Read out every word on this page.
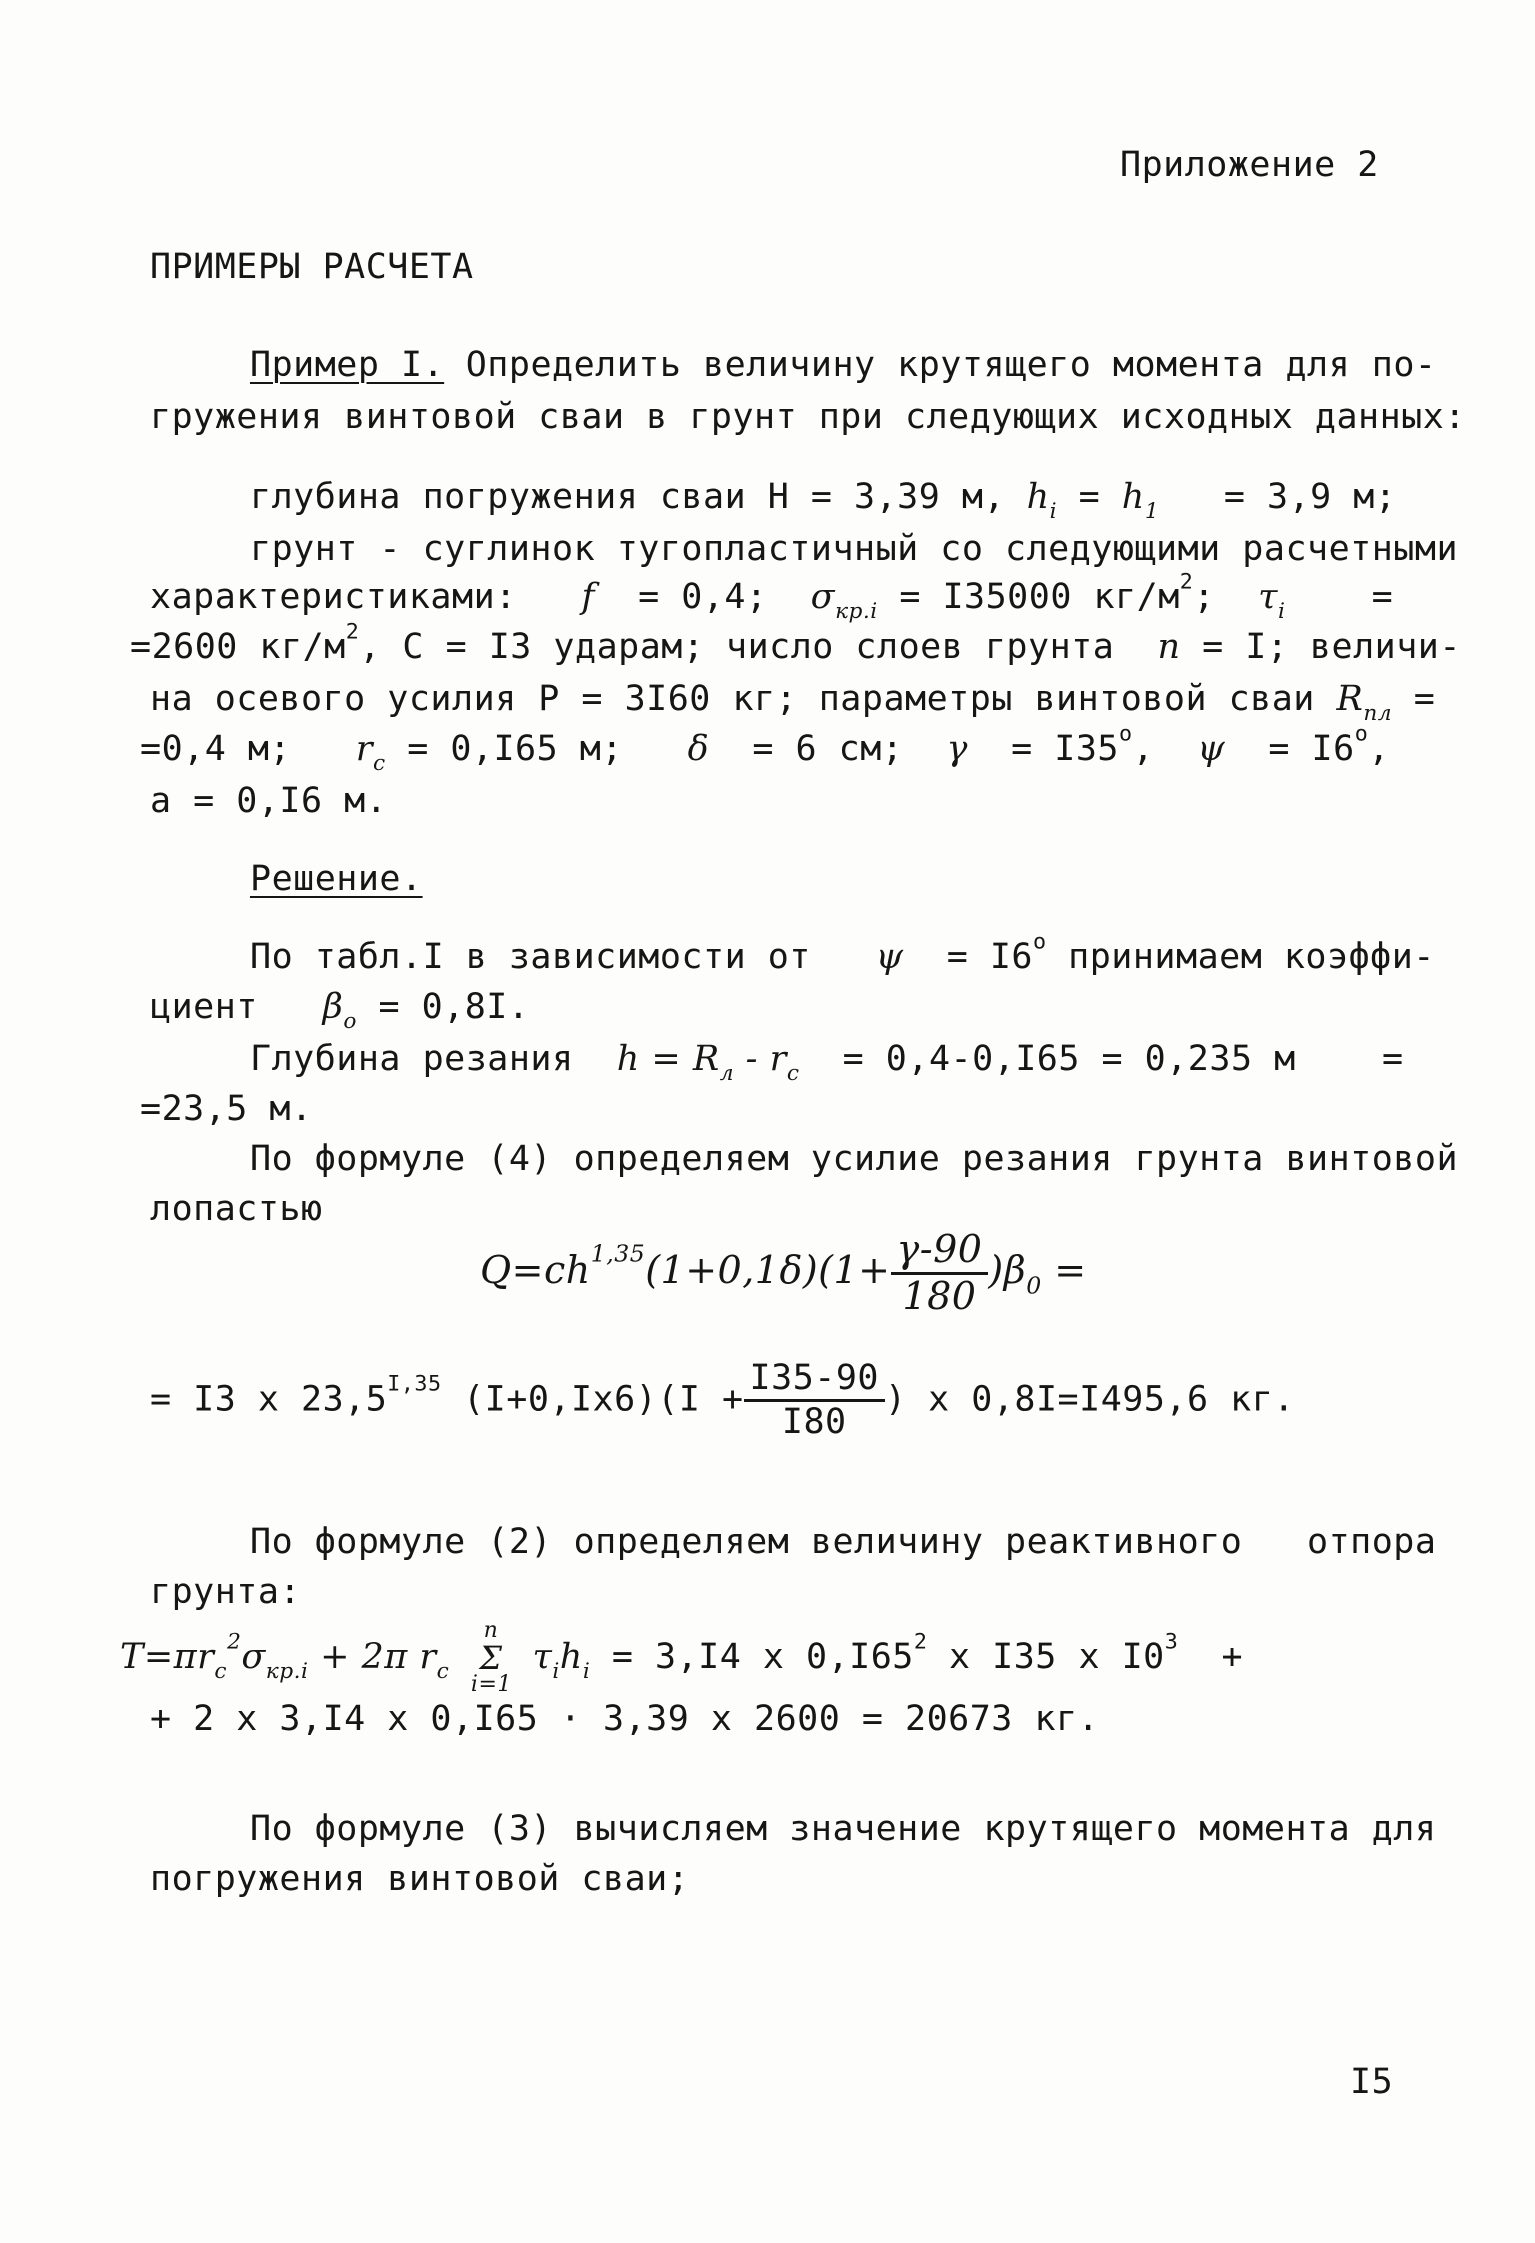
Приложение 2
ПРИМЕРЫ РАСЧЕТА
Пример I. Определить величину крутящего момента для по-
гружения винтовой сваи в грунт при следующих исходных данных:
глубина погружения сваи Н = 3,39 м, $h_i = h_1 = 3,9$ м;
грунт - суглинок тугопластичный со следующими расчетными
характеристиками: f = 0,4; $\sigma_{кр.i} = I35000$ $кг/м^2$; $\tau_i$ =
=2600 $кг/м^2$, С = I3 ударам; число слоев грунта n = I; величи-
на осевого усилия Р = 3I60 кг; параметры винтовой сваи $R_{пл}$ =
=0,4 м; $r_c = 0,I65$ м; δ = 6 см; $\gamma = I35^o$, $\psi = I6^o$,
а = 0,I6 м.
Решение.
По табл.I в зависимости от $\psi = I6^o$ принимаем коэффи-
циент $\beta_o = 0,8I$.
Глубина резания $h = R_л - r_c = 0,4-0,I65 = 0,235$ м    =
=23,5 м.
По формуле (4) определяем усилие резания грунта винтовой
лопастью
$Q=ch^{1,35}(1+0,1\delta)(1+ \frac{\gamma-90}{180} )\beta_0$ =
= I3 х $23,5^{I,35}$ $(I+0,Iх6)(I + \frac{I35-90}{I80}$ ) х 0,8I=I495,6 кг.
По формуле (2) определяем величину реактивного   отпора
грунта:
$T=\pi r_c^2\sigma_{кр.i} + 2\pi$ $r_c$
n
Σ
i=1
$\tau_ih_i = 3,I4$ х $0,I65^2$ х I35 х $I0^3$  +
+ 2 х 3,I4 х 0,I65 · 3,39 х 2600 = 20673 кг.
По формуле (3) вычисляем значение крутящего момента для
погружения винтовой сваи;
I5
